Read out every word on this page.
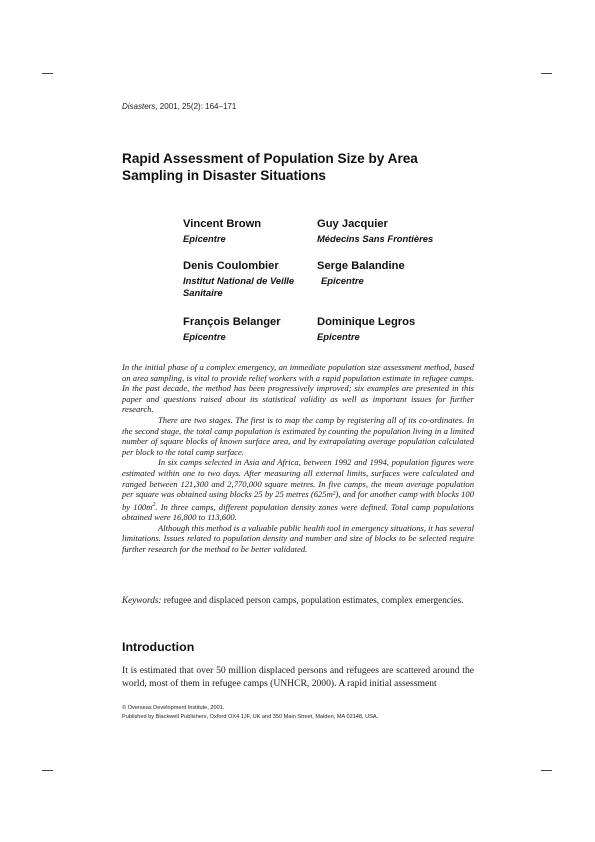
Disasters, 2001, 25(2): 164–171
Rapid Assessment of Population Size by Area Sampling in Disaster Situations
Vincent Brown
Epicentre
Guy Jacquier
Médecins Sans Frontières
Denis Coulombier
Institut National de Veille Sanitaire
Serge Balandine
Epicentre
François Belanger
Epicentre
Dominique Legros
Epicentre

In the initial phase of a complex emergency, an immediate population size assessment method, based on area sampling, is vital to provide relief workers with a rapid population estimate in refugee camps. In the past decade, the method has been progressively improved; six examples are presented in this paper and questions raised about its statistical validity as well as important issues for further research.

There are two stages. The first is to map the camp by registering all of its co-ordinates. In the second stage, the total camp population is estimated by counting the population living in a limited number of square blocks of known surface area, and by extrapolating average population calculated per block to the total camp surface.

In six camps selected in Asia and Africa, between 1992 and 1994, population figures were estimated within one to two days. After measuring all external limits, surfaces were calculated and ranged between 121,300 and 2,770,000 square metres. In five camps, the mean average population per square was obtained using blocks 25 by 25 metres (625m²), and for another camp with blocks 100 by $100m^2$. In three camps, different population density zones were defined. Total camp populations obtained were 16,800 to 113,600.

Although this method is a valuable public health tool in emergency situations, it has several limitations. Issues related to population density and number and size of blocks to be selected require further research for the method to be better validated.

Keywords: refugee and displaced person camps, population estimates, complex emergencies.
Introduction
It is estimated that over 50 million displaced persons and refugees are scattered around the world, most of them in refugee camps (UNHCR, 2000). A rapid initial assessment
© Overseas Development Institute, 2001.
Published by Blackwell Publishers, Oxford OX4 1JF, UK and 350 Main Street, Malden, MA 02148, USA.
